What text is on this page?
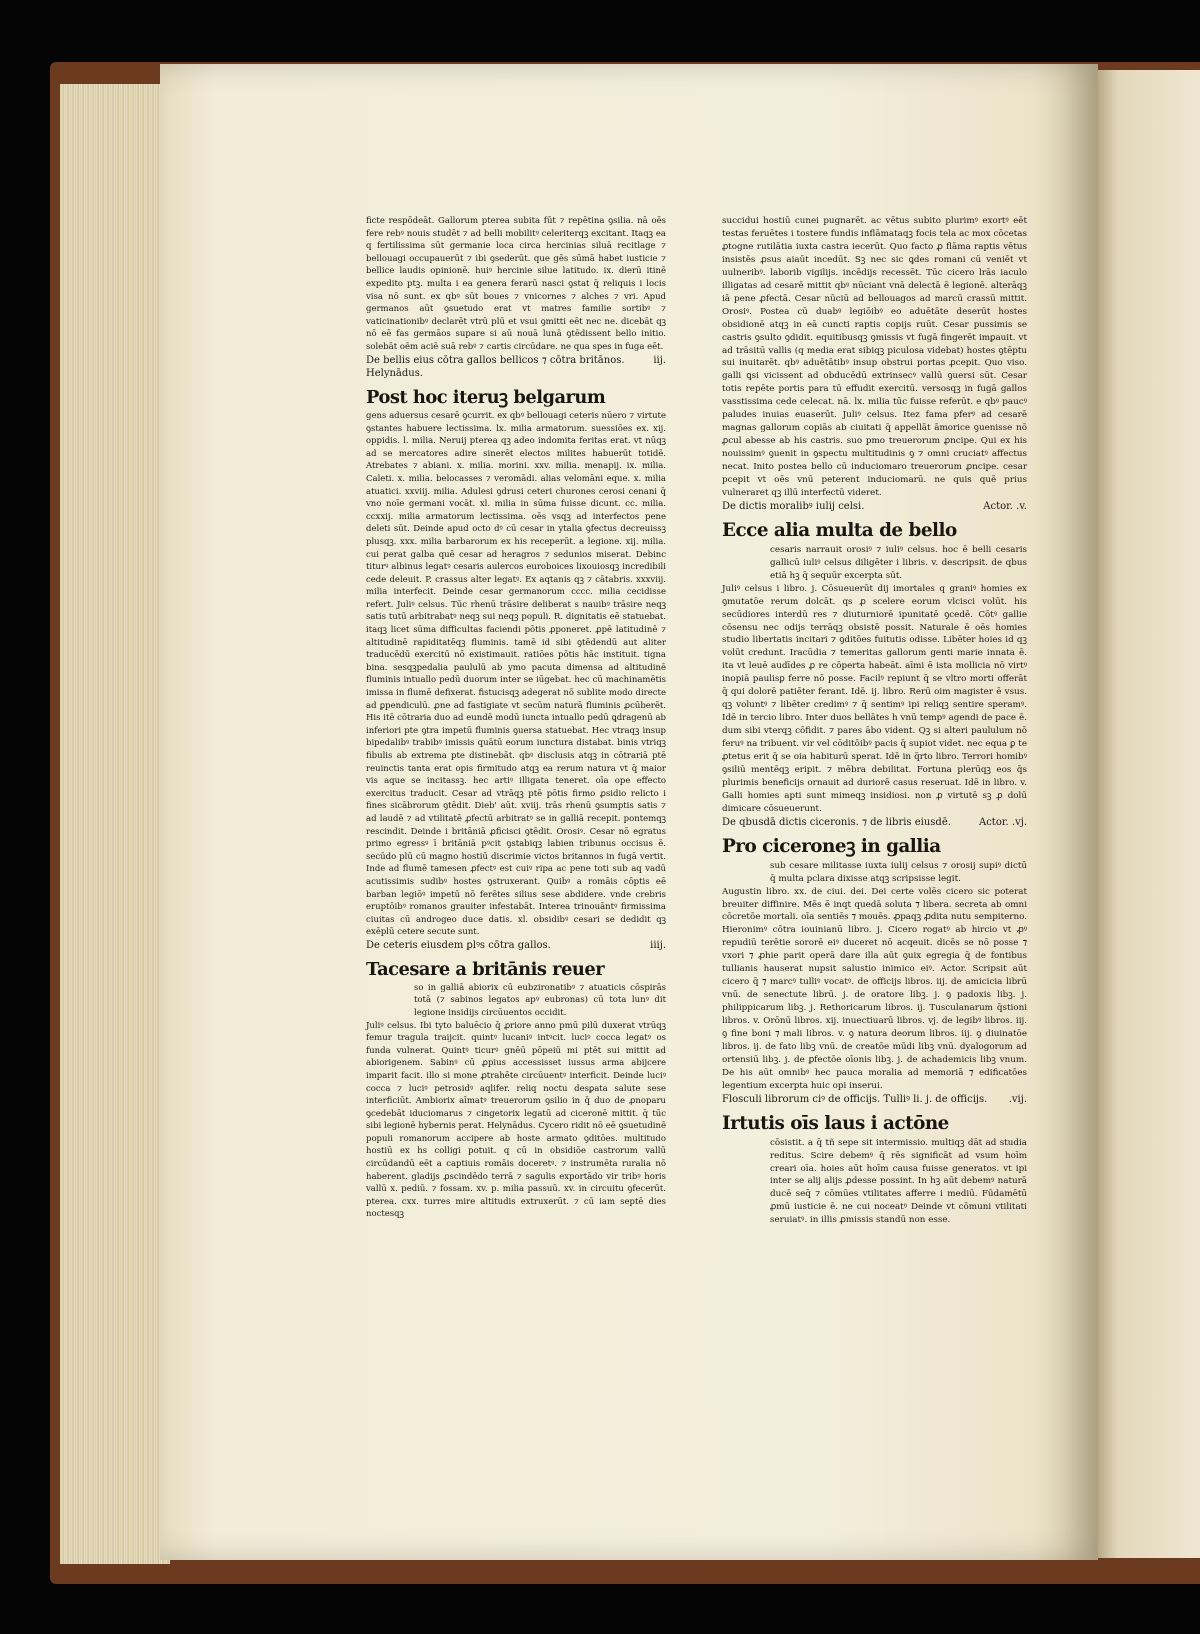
ficte respōdeāt. Gallorum pterea subita fūt ⁊ repētina ꝯsilia. nā oēs fere rebꝰ nouis studēt ⁊ ad belli mobilitꝰ celeriterqꝫ excitant. Itaqꝫ ea q fertilissima sūt germanie loca circa hercinias siluā recitlage ⁊ bellouagi occupauerūt ⁊ ibi ꝯsederūt. que gēs sūmā habet iusticie ⁊ bellice laudis opinionē. huiꝰ hercinie silue latitudo. ix. dierū itinē expedito ptꝫ. multa i ea genera ferarū nasci ꝯstat q̄ reliquis i locis visa nō sunt. ex qbꝰ sūt boues ⁊ vnicornes ⁊ alches ⁊ vri. Apud germanos aūt ꝯsuetudo erat vt matres familie sortibꝰ ⁊ vaticinationibꝰ declarēt vtrū plū et vsui ꝯmitti eēt nec ne. dicebāt qꝫ nō eē fas germāos supare si aū nouā lunā ꝯtēdissent bello initio. solebāt oēm aciē suā rebꝰ ⁊ cartis circūdare. ne qua spes in fuga eēt.

De bellis eius cōtra gallos bellicos ⁊ cōtra britānos.	iij.
Helynādus.
Post hoc iteruꝫ belgarum

gens aduersus cesarē ꝯcurrit. ex qbꝰ bellouagi ceteris nūero ⁊ virtute ꝯstantes habuere lectissima. lx. milia armatorum. suessiōes ex. xij. oppidis. l. milia. Neruij pterea qꝫ adeo indomita feritas erat. vt nūqꝫ ad se mercatores adire sinerēt electos milites habuerūt totidē. Atrebates ⁊ abiani. x. milia. morini. xxv. milia. menapij. ix. milia. Caleti. x. milia. belocasses ⁊ veromādi. alias velomāni eque. x. milia atuatici. xxviij. milia. Adulesi ꝯdrusi ceteri churones cerosi cenani q̄ vno noīe germani vocāt. xl. milia in sūma fuisse dicunt. cc. milia. ccxxij. milia armatorum lectissima. oēs vsqꝫ ad interfectos pene deleti sūt. Deinde apud octo dꝰ cū cesar in ytalia ꝯfectus decreuissꝫ plusqꝫ. xxx. milia barbarorum ex his receperūt. a legione. xij. milia. cui perat galba quē cesar ad heragros ⁊ sedunios miserat. Debinc titurꝰ albinus legatꝰ cesaris aulercos euroboices lixouiosqꝫ incredibili cede deleuit. P. crassus alter legatꝰ. Ex aqtanis qꝫ ⁊ cātabris. xxxviij. milia interfecit. Deinde cesar germanorum cccc. milia cecidisse refert. Juliꝰ celsus. Tūc rhenū trāsire deliberat s nauibꝰ trāsire neqꝫ satis tutū arbitrabatꝰ neqꝫ sui neqꝫ populi. R. dignitatis eē statuebat. itaqꝫ licet sūma difficultas faciendi pōtis ꝓponeret. ꝓpē latitudinē ⁊ altitudinē rapiditatēqꝫ fluminis. tamē id sibi ꝯtēdendū aut aliter traducēdū exercitū nō existimauit. ratiōes pōtis hāc instituit. tigna bina. sesqꝫpedalia paululū ab ymo pacuta dimensa ad altitudinē fluminis intuallo pedū duorum inter se iūgebat. hec cū machinamētis imissa in flumē defixerat. fistucisqꝫ adegerat nō sublite modo directe ad ꝑpendiculū. ꝓne ad fastigiate vt secūm naturā fluminis ꝓcūberēt. His itē cōtraria duo ad eundē modū iuncta intuallo pedū ꝗdragenū ab inferiori pte ꝯtra impetū fluminis ꝯuersa statuebat. Hec vtraqꝫ insup bipedalibꝰ trabibꝰ imissis quātū eorum iunctura distabat. binis vtriqꝫ fibulis ab extrema pte distinebāt. qbꝰ disclusis atqꝫ in cōtrariā ptē reuinctis tanta erat opis firmitudo atqꝫ ea rerum natura vt q̄ maior vis aque se incitassꝫ. hec artiꝰ illigata teneret. oīa ope effecto exercitus traducit. Cesar ad vtrāqꝫ ptē pōtis firmo ꝓsidio relicto i fines sicābrorum ꝯtēdit. Dieb' aūt. xviij. trās rhenū ꝯsumptis satis ⁊ ad laudē ⁊ ad vtilitatē ꝓfectū arbitratꝰ se in galliā recepit. pontemqꝫ rescindit. Deinde i britāniā ꝓficisci ꝯtēdit. Orosiꝰ. Cesar nō egratus primo egressꝰ ī britāniā pꝰcit ꝯstabiqꝫ labien tribunus occisus ē. secūdo plū cū magno hostiū discrimie victos britannos in fugā vertit. Inde ad flumē tamesen ꝓfectꝰ est cuiꝰ ripa ac pene toti sub aq vadū acutissimis sudibꝰ hostes ꝯstruxerant. Quibꝰ a romāis cōptis eē barban legiōꝰ impetū nō ferētes silius sese abdidere. vnde crebris eruptōibꝰ romanos grauiter infestabāt. Interea trinouāntꝰ firmissima ciuitas cū androgeo duce datis. xl. obsidibꝰ cesari se dedidit qꝫ exēplū cetere secute sunt.

De ceteris eiusdem ꝑlꝰs cōtra gallos.	iiij.
Tacesare a britānis reuer

so in galliā abiorix cū eubzironatibꝰ ⁊ atuaticis cōspirās totā (⁊ sabinos legatos apꝰ eubronas) cū tota lunꝰ dit legione insidijs circūuentos occidit.

Juliꝰ celsus. Ibi tyto baluēcio q̄ ꝓriore anno pmū pilū duxerat vtrūqꝫ femur tragula traijcit. quintꝰ lucaniꝰ intꝰcit. luciꝰ cocca legatꝰ os funda vulnerat. Quintꝰ ticurꝰ gnēū pōpeiū mi ptēt sui mittit ad abiorigenem. Sabinꝰ cū ꝓpius accessisset iussus arma abijcere imparit facit. illo si mone ꝓtrahēte circūuentꝰ interficit. Deinde luciꝰ cocca ⁊ luciꝰ petrosidꝰ aqlifer. reliq noctu desꝑata salute sese interficiūt. Ambiorix aīmatꝰ treuerorum ꝯsilio in q̄ duo de ꝓnoparu ꝯcedebāt iduciomarus ⁊ cingetorix legatū ad ciceronē mittit. q̄ tūc sibi legionē hybernis perat. Helynādus. Cycero ridit nō eē ꝯsuetudinē populi romanorum accipere ab hoste armato ꝯditōes. multitudo hostiū ex hs colligi potuit. q cū in obsidiōe castrorum vallū circūdandū eēt a captiuis romāis doceretꝰ. ⁊ instrumēta ruralia nō haberent. gladijs ꝓscindēdo terrā ⁊ sagulis exportādo vir tribꝰ horis vallū x. pediū. ⁊ fossam. xv. p. milia passuū. xv. in circuitu ꝯfecerūt. pterea. cxx. turres mire altitudis extruxerūt. ⁊ cū iam septē dies noctesqꝫ

succidui hostiū cunei pugnarēt. ac vētus subito plurimꝰ exortꝰ eēt testas feruētes i tostere fundis inflāmataqꝫ focis tela ac mox cōcetas ꝓtogne rutilātia iuxta castra iecerūt. Quo facto ꝓ flāma raptis vētus insistēs ꝓsus aiaūt incedūt. Sꝫ nec sic ꝗdes romani cū veniēt vt uulneribꝰ. laborib vigilijs. incēdijs recessēt. Tūc cicero lrās iaculo illigatas ad cesarē mittit qbꝰ nūciant vnā delectā ē legionē. alterāqꝫ iā pene ꝓfectā. Cesar nūciū ad bellouagos ad marcū crassū mittit. Orosiꝰ. Postea cū duabꝰ legiōibꝰ eo aduētāte deserūt hostes obsidionē atqꝫ in eā cuncti raptis copijs ruūt. Cesar pussimis se castris ꝯsulto ꝯdidit. equitibusqꝫ ꝯmissis vt fugā fingerēt imꝑauit. vt ad trāsitū vallis (q media erat sibiqꝫ piculosa videbat) hostes ꝯtēptu sui inuitarēt. qbꝰ aduētātibꝰ insup obstrui portas ꝓcepit. Quo viso. galli ꝗsi vicissent ad obducēdū extrinsecꝰ vallū ꝯuersi sūt. Cesar totis repēte portis para tū effudit exercitū. versosqꝫ in fugā gallos vasstissima cede celecat. nā. lx. milia tūc fuisse referūt. e qbꝰ paucꝰ paludes inuias euaserūt. Juliꝰ celsus. Itez fama pferꝰ ad cesarē magnas gallorum copiās ab ciuitati q̄ appellāt āmorice ꝯuenisse nō ꝓcul abesse ab his castris. suo pmo treuerorum ꝓncipe. Qui ex his nouissimꝰ ꝯuenit in ꝯspectu multitudinis ꝯ ⁊ omni cruciatꝰ affectus necat. Inito postea bello cū induciomaro treuerorum ꝓncipe. cesar pcepit vt oēs vnū peterent induciomarū. ne quis quē prius vulneraret qꝫ illū interfectū videret.

De dictis moralibꝰ iulij celsi.	Actor. .v.
Ecce alia multa de bello

cesaris narrauit orosiꝰ ⁊ iuliꝰ celsus. hoc ē belli cesaris gallicū iuliꝰ celsus diligēter i libris. v. descripsit. de qbus etiā hꝫ q̄ sequūr excerpta sūt.

Juliꝰ celsus i libro. j. Cōsueuerūt dij imortales q graniꝰ homies ex ꝯmutatōe rerum dolcāt. qs ꝓ scelere eorum vlcisci volūt. his secūdiores interdū res ⁊ diuturniorē ipunitatē ꝯcedē. Cōtꝰ gallie cōsensu nec odijs terrāqꝫ obsistē possit. Naturale ē oēs homies studio libertatis incitari ⁊ ꝯditōes fuitutis odisse. Libēter hoies id qꝫ volūt credunt. Iracūdia ⁊ temeritas gallorum genti marie innata ē. ita vt leuē audīdes ꝓ re cōperta habeāt. aīmi ē ista mollicia nō virtꝰ inopiā paulisꝑ ferre nō posse. Facilꝰ repiunt q̄ se vltro morti offerāt q̄ qui dolorē patiēter ferant. Idē. ij. libro. Rerū oim magister ē vsus. qꝫ voluntꝰ ⁊ libēter credimꝰ ⁊ q̄ sentimꝰ ipi reliqꝫ sentire speramꝰ. Idē in tercio libro. Inter duos bellātes h vnū tempꝰ agendi de pace ē. dum sibi vterqꝫ cōfidit. ⁊ pares ābo vident. Qꝫ si alteri paululum nō feruꝰ na tribuent. vir vel cōditōibꝰ pacis q̄ supiot videt. nec equa ꝑ te ꝓtetus erit q̄ se oia habiturū sperat. Idē in q̄rto libro. Terrori homibꝰ ꝯsiliū mentēqꝫ eripit. ⁊ mēbra debilitat. Fortuna plerūqꝫ eos q̄s plurimis beneficijs ornauit ad duriorē casus reseruat. Idē in libro. v. Galli homies apti sunt mimeqꝫ insidiosi. non ꝓ virtutē sꝫ ꝓ dolū dimicare cōsueuerunt.

De qbusdā dictis ciceronis. ⁊ de libris eiusdē.	Actor. .vj.
Pro ciceroneꝫ in gallia

sub cesare militasse iuxta iulij celsus ⁊ orosij supiꝰ dictū q̄ multa pclara dixisse atqꝫ scripsisse legit.

Augustin libro. xx. de ciui. dei. Dei certe volēs cicero sic poterat breuiter diffinire. Mēs ē inqt quedā soluta ⁊ libera. secreta ab omni cōcretōe mortali. oīa sentiēs ⁊ mouēs. ꝓpaqꝫ ꝓdita nutu sempiterno. Hieronimꝰ cōtra iouinianū libro. j. Cicero rogatꝰ ab hircio vt ꝓꝰ repudiū terētie sororē eiꝰ duceret nō acqeuit. dicēs se nō posse ⁊ vxori ⁊ ꝓhie parit operā dare illa aūt ꝯuix egregia q̄ de fontibus tullianis hauserat nupsit salustio inimico eiꝰ. Actor. Scripsit aūt cicero q̄ ⁊ marcꝰ tulliꝰ vocatꝰ. de officijs libros. iij. de amicicia librū vnū. de senectute librū. j. de oratore libꝫ. j. ꝯ padoxis libꝫ. j. philippicarum libꝫ. j. Rethoricarum libros. ij. Tusculanarum q̄stioni libros. v. Orōnū libros. xij. inuectiuarū libros. vj. de legibꝰ libros. iij. ꝯ fine boni ⁊ mali libros. v. ꝯ natura deorum libros. iij. ꝯ diuinatōe libros. ij. de fato libꝫ vnū. de creatōe mūdi libꝫ vnū. dyalogorum ad ortensiū libꝫ. j. de ꝑfectōe oīonis libꝫ. j. de achademicis libꝫ vnum. De his aūt omnibꝰ hec pauca moralia ad memoriā ⁊ edificatōes legentium excerpta huic opi inserui.

Flosculi librorum ciꝰ de officijs. Tulliꝰ li. j. de officijs. .vij.
Irtutis oīs laus i actōne

cōsistit. a q̄ tñ sepe sit intermissio. multiqꝫ dāt ad studia reditus. Scire debemꝰ q̄ rēs significāt ad vsum hoīm creari oīa. hoies aūt hoīm causa fuisse generatos. vt ipi inter se alij alijs ꝓdesse possint. In hꝫ aūt debemꝰ naturā ducē seq̄ ⁊ cōmūes vtilitates afferre i mediū. Fūdamētū ꝓmū iusticie ē. ne cui noceatꝰ Deinde vt cōmuni vtilitati seruiatꝰ. in illis ꝓmissis standū non esse.
